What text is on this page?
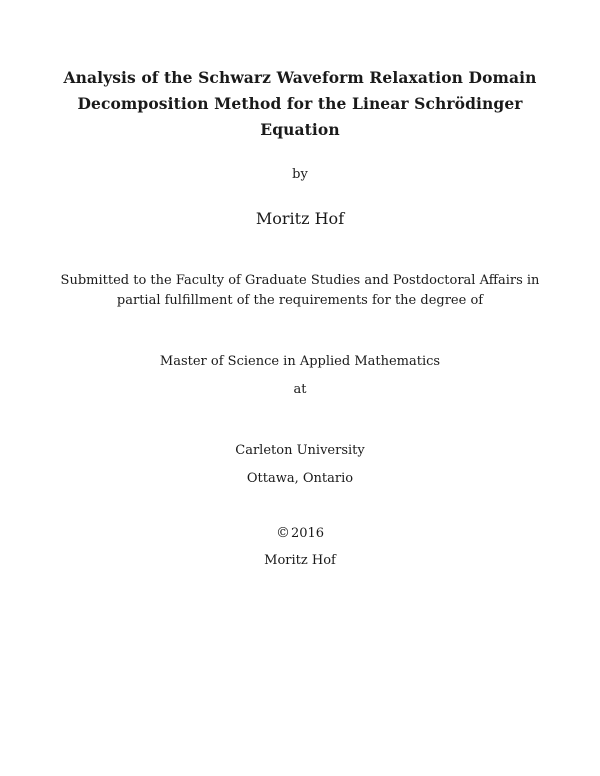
Analysis of the Schwarz Waveform Relaxation Domain
Decomposition Method for the Linear Schrödinger
Equation
by
Moritz Hof
Submitted to the Faculty of Graduate Studies and Postdoctoral Affairs in
partial fulfillment of the requirements for the degree of
Master of Science in Applied Mathematics
at
Carleton University
Ottawa, Ontario
©2016
Moritz Hof
